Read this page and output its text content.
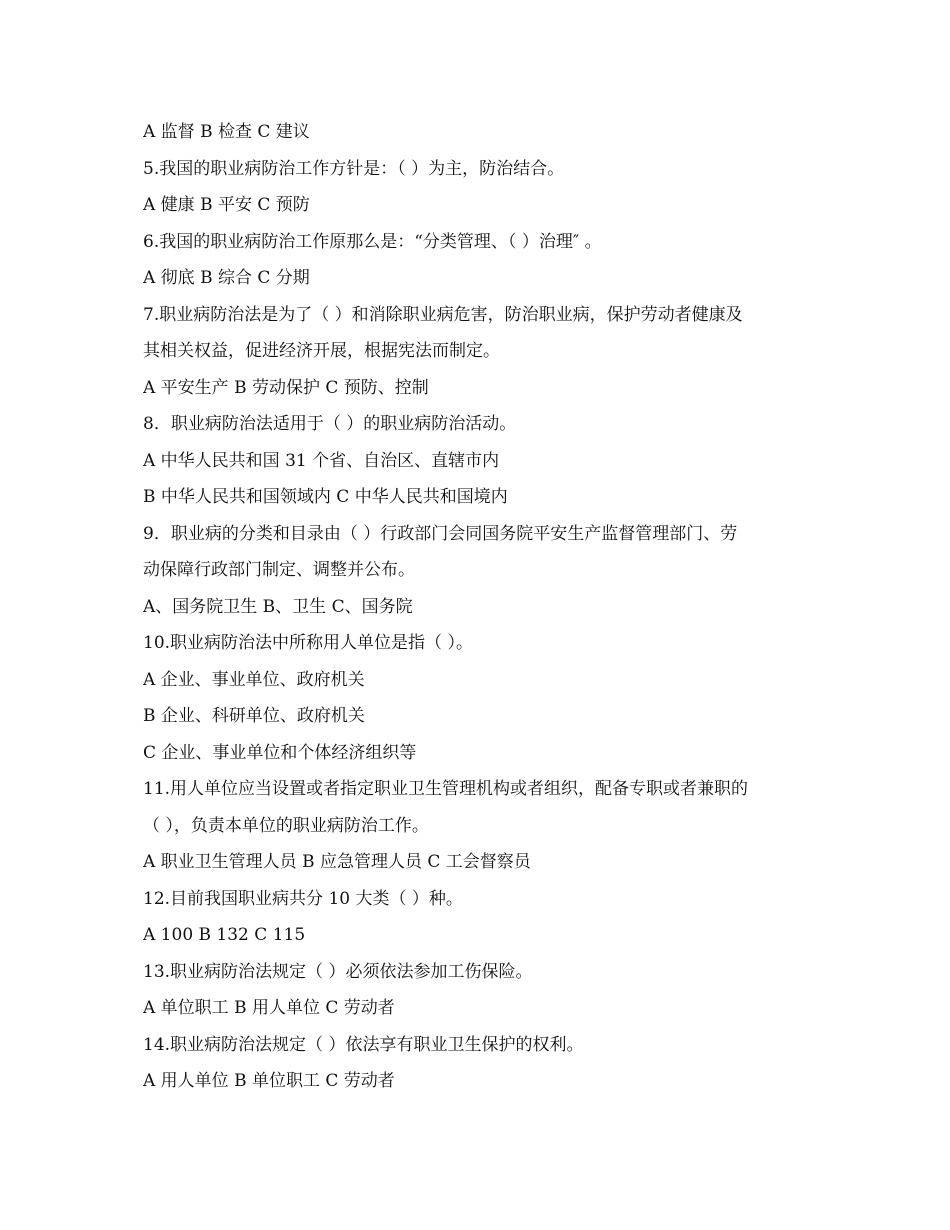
A 监督 B 检查 C 建议
5.我国的职业病防治工作方针是：（ ）为主，防治结合。
A 健康 B 平安 C 预防
6.我国的职业病防治工作原那么是：“分类管理、（ ）治理″ 。
A 彻底 B 综合 C 分期
7.职业病防治法是为了（ ）和消除职业病危害，防治职业病，保护劳动者健康及
其相关权益，促进经济开展，根据宪法而制定。
A 平安生产 B 劳动保护 C 预防、控制
8．职业病防治法适用于（ ）的职业病防治活动。
A 中华人民共和国 31 个省、自治区、直辖市内
B 中华人民共和国领域内 C 中华人民共和国境内
9．职业病的分类和目录由（ ）行政部门会同国务院平安生产监督管理部门、劳
动保障行政部门制定、调整并公布。
A、国务院卫生 B、卫生 C、国务院
10.职业病防治法中所称用人单位是指（ ）。
A 企业、事业单位、政府机关
B 企业、科研单位、政府机关
C 企业、事业单位和个体经济组织等
11.用人单位应当设置或者指定职业卫生管理机构或者组织，配备专职或者兼职的
（ ），负责本单位的职业病防治工作。
A 职业卫生管理人员 B 应急管理人员 C 工会督察员
12.目前我国职业病共分 10 大类（ ）种。
A 100 B 132 C 115
13.职业病防治法规定（ ）必须依法参加工伤保险。
A 单位职工 B 用人单位 C 劳动者
14.职业病防治法规定（ ）依法享有职业卫生保护的权利。
A 用人单位 B 单位职工 C 劳动者
